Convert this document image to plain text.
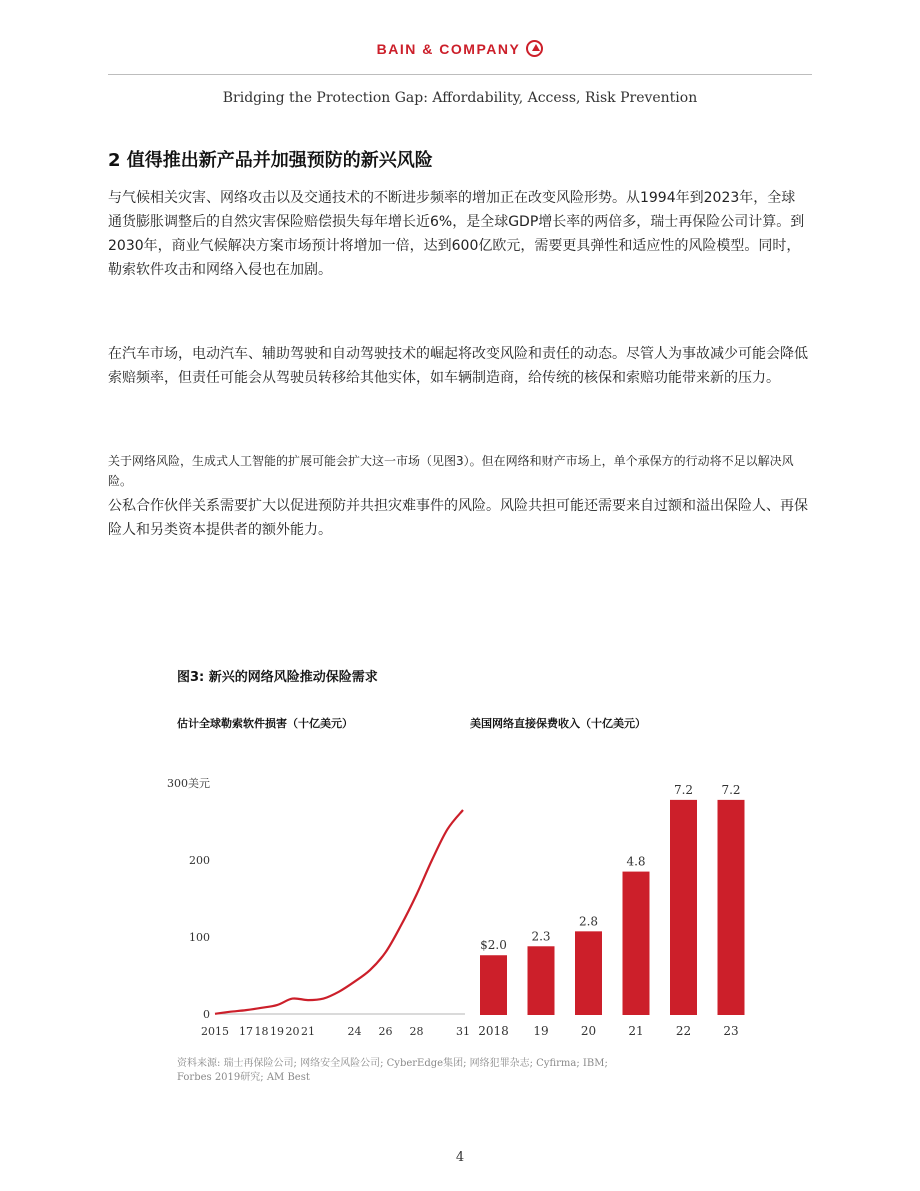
BAIN & COMPANY
Bridging the Protection Gap: Affordability, Access, Risk Prevention
2 值得推出新产品并加强预防的新兴风险
与气候相关灾害、网络攻击以及交通技术的不断进步频率的增加正在改变风险形势。从1994年到2023年，全球通货膨胀调整后的自然灾害保险赔偿损失每年增长近6%，是全球GDP增长率的两倍多，瑞士再保险公司计算。到2030年，商业气候解决方案市场预计将增加一倍，达到600亿欧元，需要更具弹性和适应性的风险模型。同时，勒索软件攻击和网络入侵也在加剧。
在汽车市场，电动汽车、辅助驾驶和自动驾驶技术的崛起将改变风险和责任的动态。尽管人为事故减少可能会降低索赔频率，但责任可能会从驾驶员转移给其他实体，如车辆制造商，给传统的核保和索赔功能带来新的压力。
关于网络风险，生成式人工智能的扩展可能会扩大这一市场（见图3）。但在网络和财产市场上，单个承保方的行动将不足以解决风险。
公私合作伙伴关系需要扩大以促进预防并共担灾难事件的风险。风险共担可能还需要来自过额和溢出保险人、再保险人和另类资本提供者的额外能力。
图3: 新兴的网络风险推动保险需求
估计全球勒索软件损害（十亿美元）	美国网络直接保费收入（十亿美元）
0
100
200
300美元
2015 17 18 19 20 21	24 26 28	31
$2.0
2018
2.3
19
2.8
20
4.8
21
7.2
22
7.2
23
资料来源: 瑞士再保险公司; 网络安全风险公司; CyberEdge集团; 网络犯罪杂志; Cyfirma; IBM; Forbes 2019研究; AM Best
4
